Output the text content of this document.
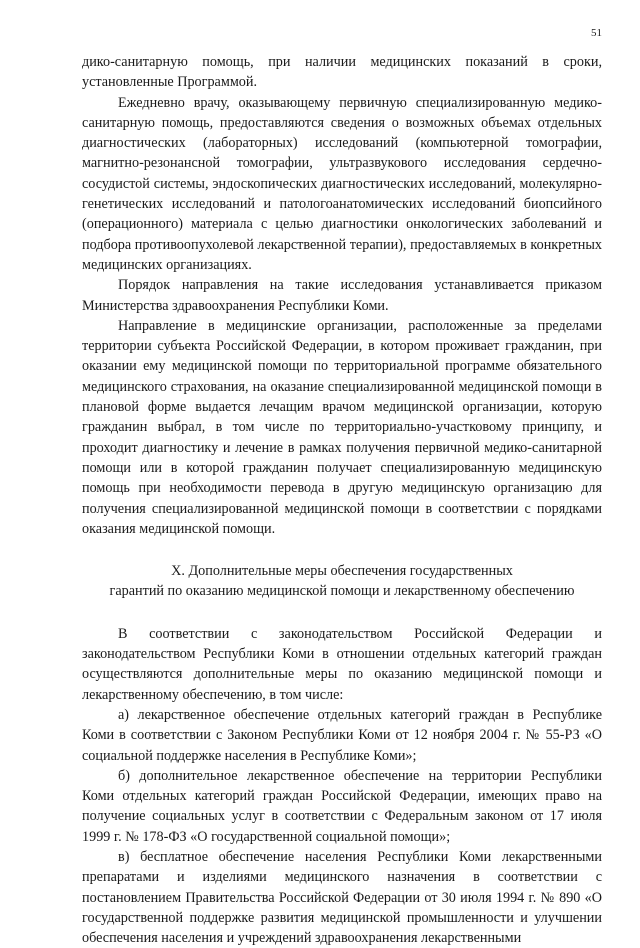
51

дико-санитарную помощь, при наличии медицинских показаний в сроки, установленные Программой.

Ежедневно врачу, оказывающему первичную специализированную медико-санитарную помощь, предоставляются сведения о возможных объемах отдельных диагностических (лабораторных) исследований (компьютерной томографии, магнитно-резонансной томографии, ультразвукового исследования сердечно-сосудистой системы, эндоскопических диагностических исследований, молекулярно- генетических исследований и патологоанатомических исследований биопсийного (операционного) материала с целью диагностики онкологических заболеваний и подбора противоопухолевой лекарственной терапии), предоставляемых в конкретных медицинских организациях.

Порядок направления на такие исследования устанавливается приказом Министерства здравоохранения Республики Коми.

Направление в медицинские организации, расположенные за пределами территории субъекта Российской Федерации, в котором проживает гражданин, при оказании ему медицинской помощи по территориальной программе обязательного медицинского страхования, на оказание специализированной медицинской помощи в плановой форме выдается лечащим врачом медицинской организации, которую гражданин выбрал, в том числе по территориально-участковому принципу, и проходит диагностику и лечение в рамках получения первичной медико-санитарной помощи или в которой гражданин получает специализированную медицинскую помощь при необходимости перевода в другую медицинскую организацию для получения специализированной медицинской помощи в соответствии с порядками оказания медицинской помощи.

X. Дополнительные меры обеспечения государственных
гарантий по оказанию медицинской помощи и лекарственному обеспечению

В соответствии с законодательством Российской Федерации и законодательством Республики Коми в отношении отдельных категорий граждан осуществляются дополнительные меры по оказанию медицинской помощи и лекарственному обеспечению, в том числе:

а) лекарственное обеспечение отдельных категорий граждан в Республике Коми в соответствии с Законом Республики Коми от 12 ноября 2004 г. № 55-РЗ «О социальной поддержке населения в Республике Коми»;

б) дополнительное лекарственное обеспечение на территории Республики Коми отдельных категорий граждан Российской Федерации, имеющих право на получение социальных услуг в соответствии с Федеральным законом от 17 июля 1999 г. № 178-ФЗ «О государственной социальной помощи»;

в) бесплатное обеспечение населения Республики Коми лекарственными препаратами и изделиями медицинского назначения в соответствии с постановлением Правительства Российской Федерации от 30 июля 1994 г. № 890 «О государственной поддержке развития медицинской промышленности и улучшении обеспечения населения и учреждений здравоохранения лекарственными
